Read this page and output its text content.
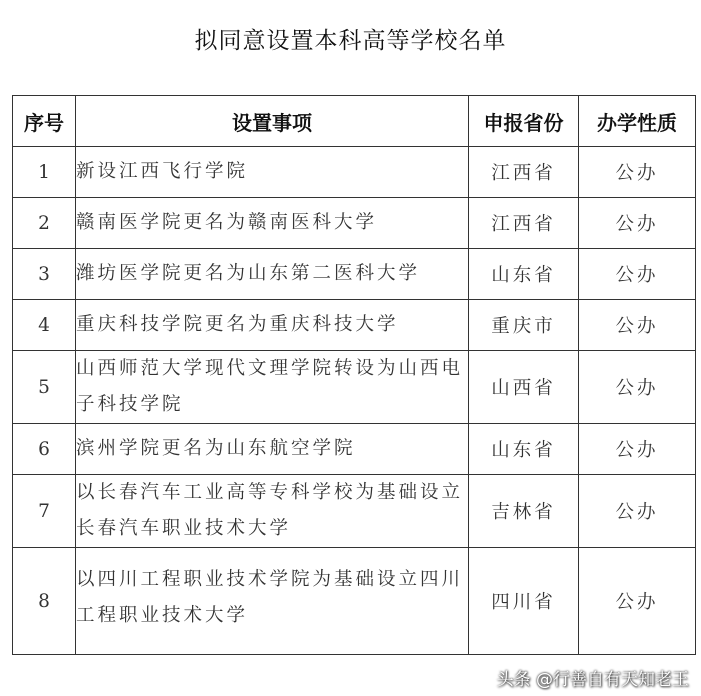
拟同意设置本科高等学校名单
序号	设置事项	申报省份	办学性质
1	新设江西飞行学院	江西省	公办
2	赣南医学院更名为赣南医科大学	江西省	公办
3	潍坊医学院更名为山东第二医科大学	山东省	公办
4	重庆科技学院更名为重庆科技大学	重庆市	公办
5	山西师范大学现代文理学院转设为山西电子科技学院	山西省	公办
6	滨州学院更名为山东航空学院	山东省	公办
7	以长春汽车工业高等专科学校为基础设立长春汽车职业技术大学	吉林省	公办
8	以四川工程职业技术学院为基础设立四川工程职业技术大学	四川省	公办
头条 @行善自有天知老王
